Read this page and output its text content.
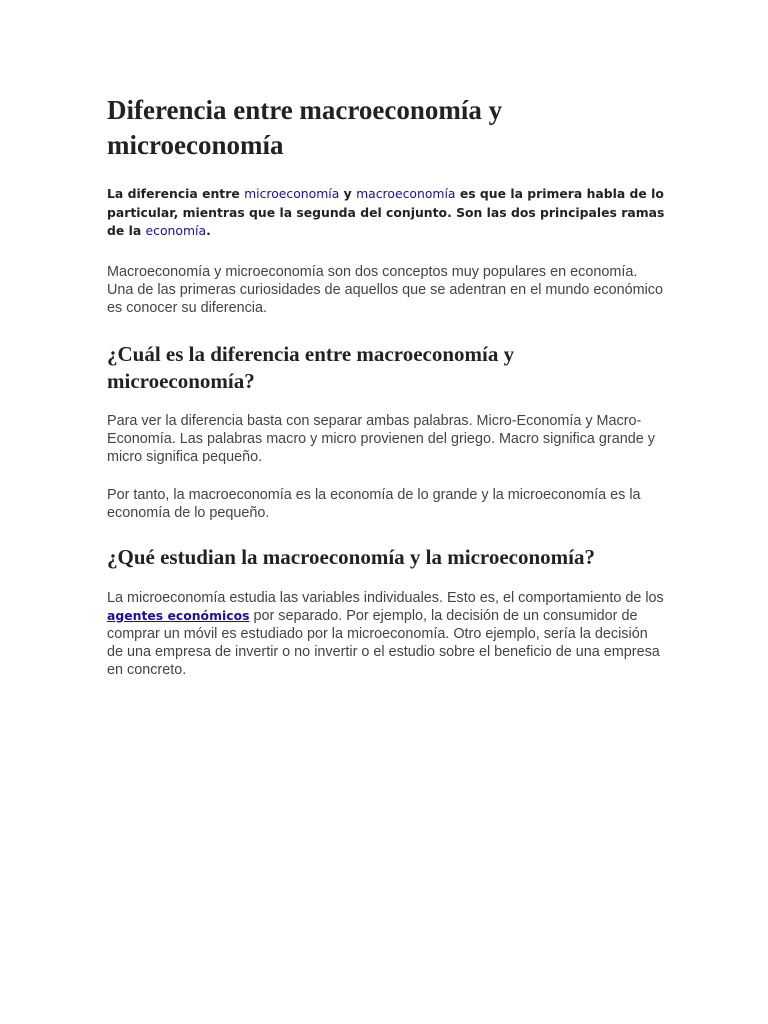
Diferencia entre macroeconomía y microeconomía

La diferencia entre microeconomía y macroeconomía es que la primera habla de lo particular, mientras que la segunda del conjunto. Son las dos principales ramas de la economía.

Macroeconomía y microeconomía son dos conceptos muy populares en economía. Una de las primeras curiosidades de aquellos que se adentran en el mundo económico es conocer su diferencia.

¿Cuál es la diferencia entre macroeconomía y microeconomía?

Para ver la diferencia basta con separar ambas palabras. Micro-Economía y Macro-Economía. Las palabras macro y micro provienen del griego. Macro significa grande y micro significa pequeño.

Por tanto, la macroeconomía es la economía de lo grande y la microeconomía es la economía de lo pequeño.

¿Qué estudian la macroeconomía y la microeconomía?

La microeconomía estudia las variables individuales. Esto es, el comportamiento de los agentes económicos por separado. Por ejemplo, la decisión de un consumidor de comprar un móvil es estudiado por la microeconomía. Otro ejemplo, sería la decisión de una empresa de invertir o no invertir o el estudio sobre el beneficio de una empresa en concreto.
